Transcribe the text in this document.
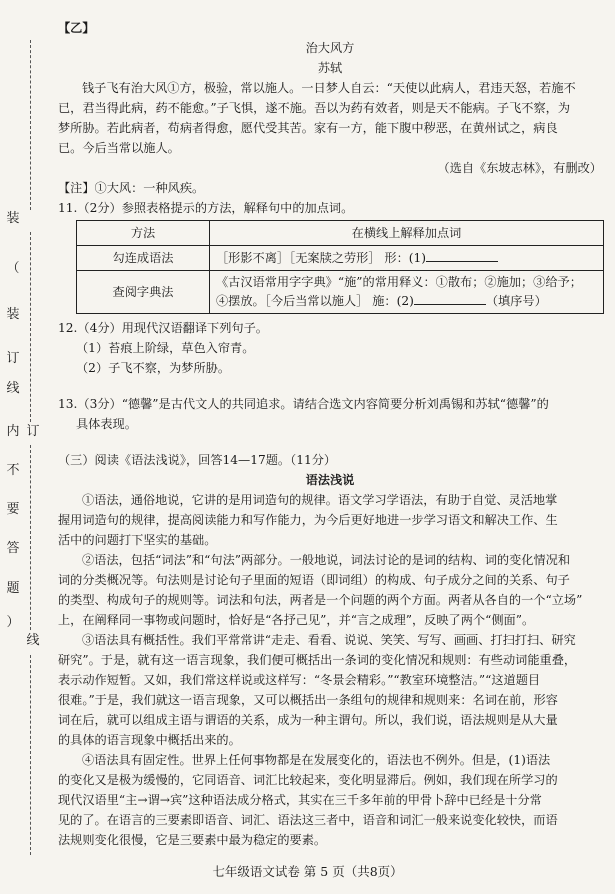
装
（
装
订
线
内 订
不
要
答
题
）
线
【乙】
治大风方
苏轼
钱子飞有治大风①方，极验，常以施人。一日梦人自云：“天使以此病人，君违天怒，若施不
已，君当得此病，药不能愈。”子飞惧，遂不施。吾以为药有效者，则是天不能病。子飞不察，为
梦所胁。若此病者，苟病者得愈，愿代受其苦。家有一方，能下腹中秽恶，在黄州试之，病良
已。今后当常以施人。
（选自《东坡志林》，有删改）
【注】①大风：一种风疾。
11.（2分）参照表格提示的方法，解释句中的加点词。
方法	在横线上解释加点词
勾连成语法	［形影不离］［无案牍之劳形］ 形：(1)
查阅字典法	《古汉语常用字字典》“施”的常用释义：①散布；②施加；③给予；
④摆放。［今后当常以施人］ 施：(2) （填序号）
12.（4分）用现代汉语翻译下列句子。
（1）苔痕上阶绿，草色入帘青。
（2）子飞不察，为梦所胁。
13.（3分）“德馨”是古代文人的共同追求。请结合选文内容简要分析刘禹锡和苏轼“德馨”的
具体表现。
（三）阅读《语法浅说》，回答14—17题。（11分）
语法浅说
①语法，通俗地说，它讲的是用词造句的规律。语文学习学语法，有助于自觉、灵活地掌
握用词造句的规律，提高阅读能力和写作能力，为今后更好地进一步学习语文和解决工作、生
活中的问题打下坚实的基础。
②语法，包括“词法”和“句法”两部分。一般地说，词法讨论的是词的结构、词的变化情况和
词的分类概况等。句法则是讨论句子里面的短语（即词组）的构成、句子成分之间的关系、句子
的类型、构成句子的规则等。词法和句法，两者是一个问题的两个方面。两者从各自的一个“立场”
上，在阐释同一事物或问题时，恰好是“各抒己见”，并“言之成理”，反映了两个“侧面”。
③语法具有概括性。我们平常常讲“走走、看看、说说、笑笑、写写、画画、打扫打扫、研究
研究”。于是，就有这一语言现象，我们便可概括出一条词的变化情况和规则：有些动词能重叠，
表示动作短暂。又如，我们常这样说或这样写：“冬景会精彩。”“教室环境整洁。”“这道题目
很难。”于是，我们就这一语言现象，又可以概括出一条组句的规律和规则来：名词在前，形容
词在后，就可以组成主语与谓语的关系，成为一种主谓句。所以，我们说，语法规则是从大量
的具体的语言现象中概括出来的。
④语法具有固定性。世界上任何事物都是在发展变化的，语法也不例外。但是，(1)语法
的变化又是极为缓慢的，它同语音、词汇比较起来，变化明显滞后。例如，我们现在所学习的
现代汉语里“主→谓→宾”这种语法成分格式，其实在三千多年前的甲骨卜辞中已经是十分常
见的了。在语言的三要素即语音、词汇、语法这三者中，语音和词汇一般来说变化较快，而语
法规则变化很慢，它是三要素中最为稳定的要素。
七年级语文试卷 第 5 页（共8页）
